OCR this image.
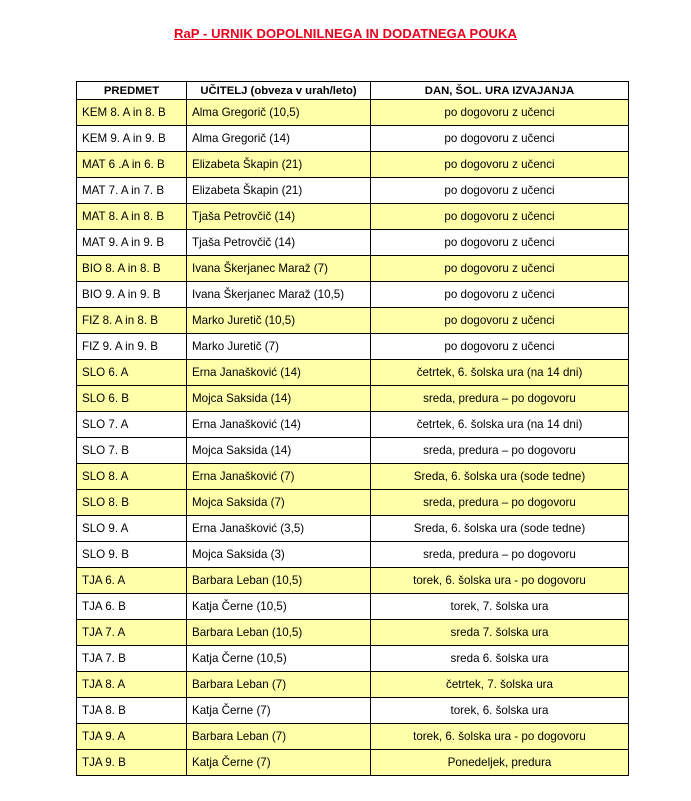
RaP - URNIK DOPOLNILNEGA IN DODATNEGA POUKA
PREDMET	UČITELJ (obveza v urah/leto)	DAN, ŠOL. URA IZVAJANJA
KEM 8. A in 8. B	Alma Gregorič (10,5)	po dogovoru z učenci
KEM 9. A in 9. B	Alma Gregorič (14)	po dogovoru z učenci
MAT 6 .A in 6. B	Elizabeta Škapin (21)	po dogovoru z učenci
MAT 7. A in 7. B	Elizabeta Škapin (21)	po dogovoru z učenci
MAT 8. A in 8. B	Tjaša Petrovčič (14)	po dogovoru z učenci
MAT 9. A in 9. B	Tjaša Petrovčič (14)	po dogovoru z učenci
BIO 8. A in 8. B	Ivana Škerjanec Maraž (7)	po dogovoru z učenci
BIO 9. A in 9. B	Ivana Škerjanec Maraž (10,5)	po dogovoru z učenci
FIZ 8. A in 8. B	Marko Juretič (10,5)	po dogovoru z učenci
FIZ 9. A in 9. B	Marko Juretič (7)	po dogovoru z učenci
SLO 6. A	Erna Janašković (14)	četrtek, 6. šolska ura (na 14 dni)
SLO 6. B	Mojca Saksida (14)	sreda, predura – po dogovoru
SLO 7. A	Erna Janašković (14)	četrtek, 6. šolska ura (na 14 dni)
SLO 7. B	Mojca Saksida (14)	sreda, predura – po dogovoru
SLO 8. A	Erna Janašković (7)	Sreda, 6. šolska ura (sode tedne)
SLO 8. B	Mojca Saksida (7)	sreda, predura – po dogovoru
SLO 9. A	Erna Janašković (3,5)	Sreda, 6. šolska ura (sode tedne)
SLO 9. B	Mojca Saksida (3)	sreda, predura – po dogovoru
TJA 6. A	Barbara Leban (10,5)	torek, 6. šolska ura - po dogovoru
TJA 6. B	Katja Černe (10,5)	torek, 7. šolska ura
TJA 7. A	Barbara Leban (10,5)	sreda 7. šolska ura
TJA 7. B	Katja Černe (10,5)	sreda 6. šolska ura
TJA 8. A	Barbara Leban (7)	četrtek, 7. šolska ura
TJA 8. B	Katja Černe (7)	torek, 6. šolska ura
TJA 9. A	Barbara Leban (7)	torek, 6. šolska ura - po dogovoru
TJA 9. B	Katja Černe (7)	Ponedeljek, predura
